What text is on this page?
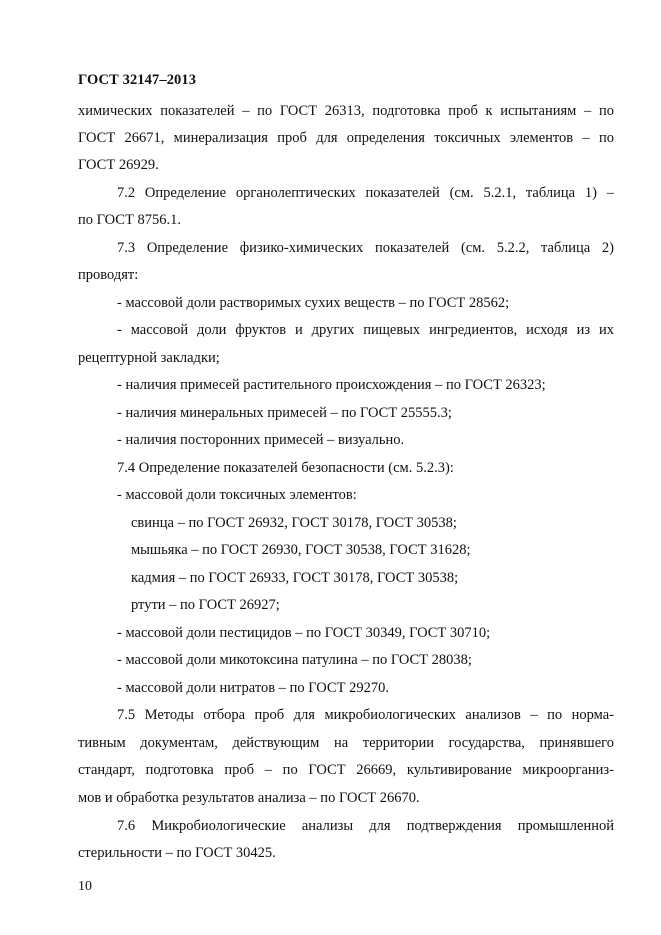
ГОСТ 32147–2013
химических показателей – по ГОСТ 26313, подготовка проб к испытаниям – по
ГОСТ 26671, минерализация проб для определения токсичных элементов – по
ГОСТ 26929.
7.2 Определение органолептических показателей (см. 5.2.1, таблица 1) –
по ГОСТ 8756.1.
7.3 Определение физико-химических показателей (см. 5.2.2, таблица 2)
проводят:
- массовой доли растворимых сухих веществ – по ГОСТ 28562;
- массовой доли фруктов и других пищевых ингредиентов, исходя из их
рецептурной закладки;
- наличия примесей растительного происхождения – по ГОСТ 26323;
- наличия минеральных примесей – по ГОСТ 25555.3;
- наличия посторонних примесей – визуально.
7.4 Определение показателей безопасности (см. 5.2.3):
- массовой доли токсичных элементов:
свинца – по ГОСТ 26932, ГОСТ 30178, ГОСТ 30538;
мышьяка – по ГОСТ 26930, ГОСТ 30538, ГОСТ 31628;
кадмия – по ГОСТ 26933, ГОСТ 30178, ГОСТ 30538;
ртути – по ГОСТ 26927;
- массовой доли пестицидов – по ГОСТ 30349, ГОСТ 30710;
- массовой доли микотоксина патулина – по ГОСТ 28038;
- массовой доли нитратов – по ГОСТ 29270.
7.5 Методы отбора проб для микробиологических анализов – по норма-
тивным документам, действующим на территории государства, принявшего
стандарт, подготовка проб – по ГОСТ 26669, культивирование микроорганиз-
мов и обработка результатов анализа – по ГОСТ 26670.
7.6 Микробиологические анализы для подтверждения промышленной
стерильности – по ГОСТ 30425.
10
